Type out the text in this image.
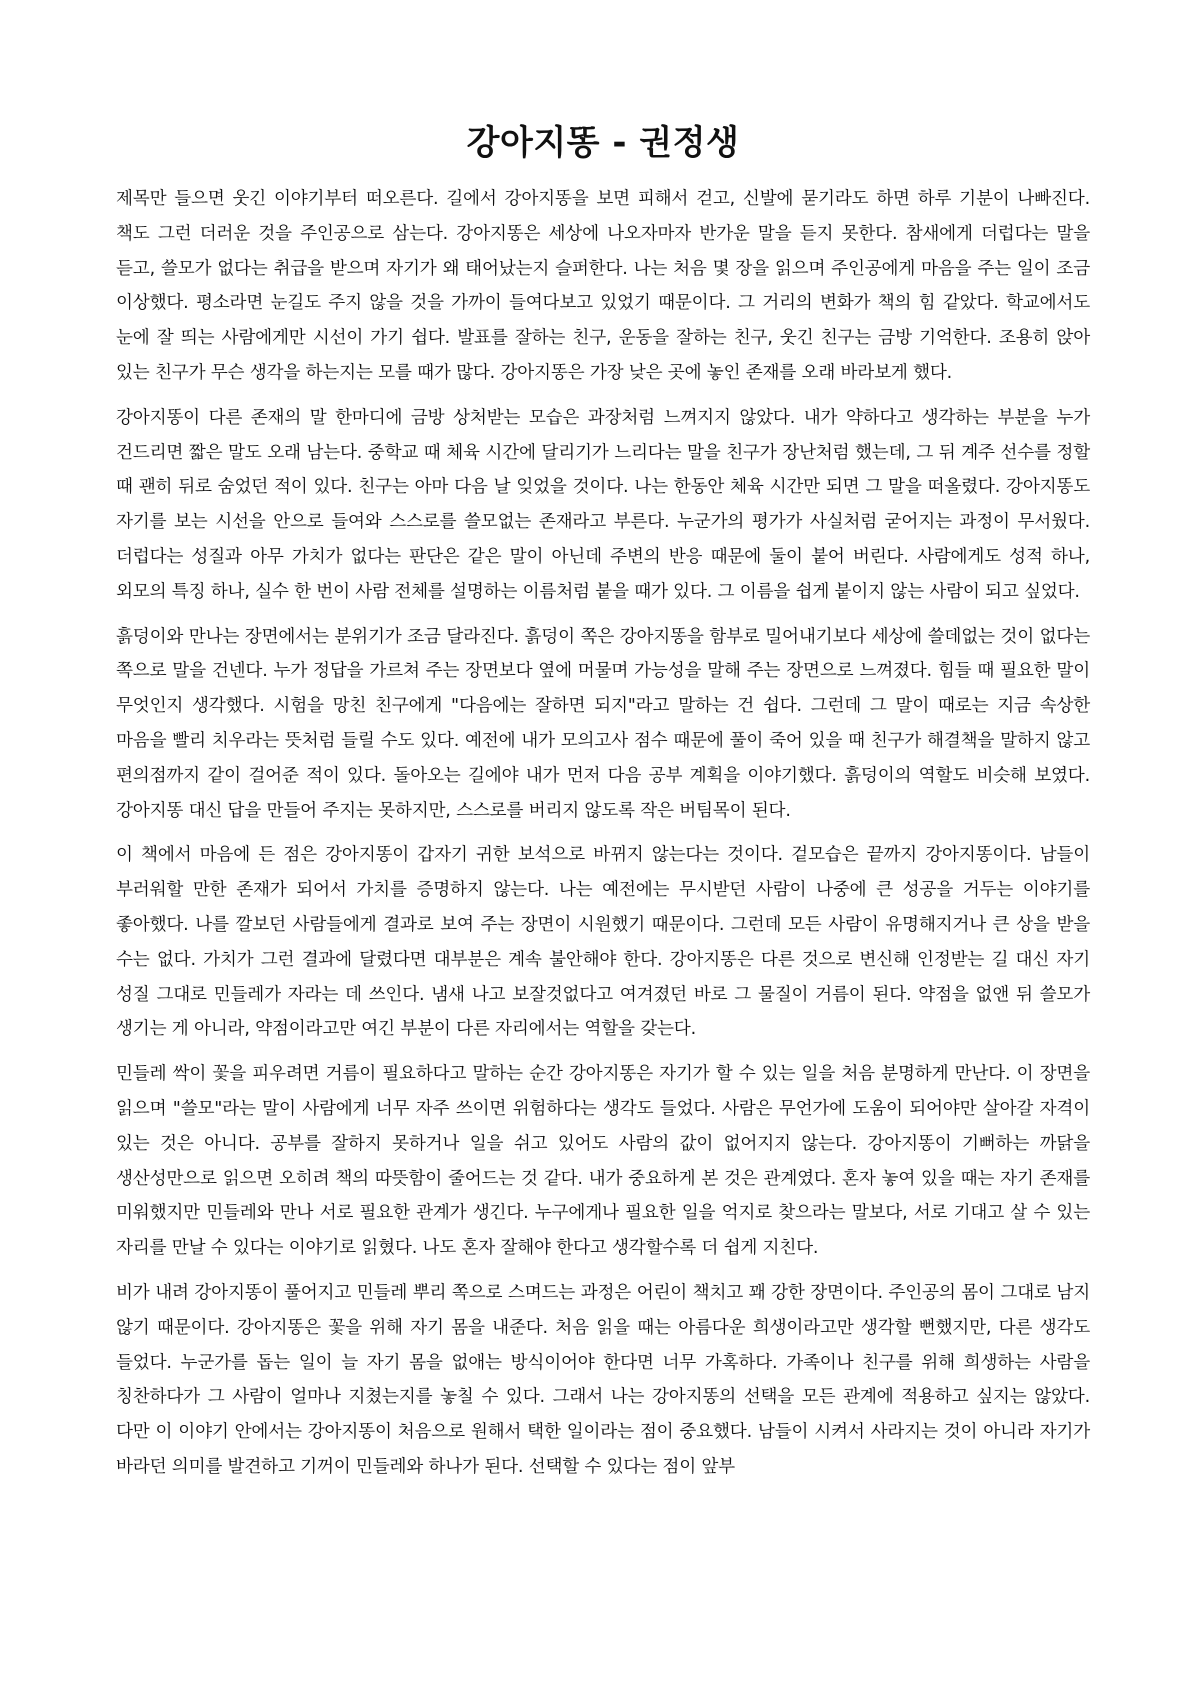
강아지똥 - 권정생

제목만 들으면 웃긴 이야기부터 떠오른다. 길에서 강아지똥을 보면 피해서 걷고, 신발에 묻기라도 하면 하루 기분이 나빠진다. 책도 그런 더러운 것을 주인공으로 삼는다. 강아지똥은 세상에 나오자마자 반가운 말을 듣지 못한다. 참새에게 더럽다는 말을 듣고, 쓸모가 없다는 취급을 받으며 자기가 왜 태어났는지 슬퍼한다. 나는 처음 몇 장을 읽으며 주인공에게 마음을 주는 일이 조금 이상했다. 평소라면 눈길도 주지 않을 것을 가까이 들여다보고 있었기 때문이다. 그 거리의 변화가 책의 힘 같았다. 학교에서도 눈에 잘 띄는 사람에게만 시선이 가기 쉽다. 발표를 잘하는 친구, 운동을 잘하는 친구, 웃긴 친구는 금방 기억한다. 조용히 앉아 있는 친구가 무슨 생각을 하는지는 모를 때가 많다. 강아지똥은 가장 낮은 곳에 놓인 존재를 오래 바라보게 했다.

강아지똥이 다른 존재의 말 한마디에 금방 상처받는 모습은 과장처럼 느껴지지 않았다. 내가 약하다고 생각하는 부분을 누가 건드리면 짧은 말도 오래 남는다. 중학교 때 체육 시간에 달리기가 느리다는 말을 친구가 장난처럼 했는데, 그 뒤 계주 선수를 정할 때 괜히 뒤로 숨었던 적이 있다. 친구는 아마 다음 날 잊었을 것이다. 나는 한동안 체육 시간만 되면 그 말을 떠올렸다. 강아지똥도 자기를 보는 시선을 안으로 들여와 스스로를 쓸모없는 존재라고 부른다. 누군가의 평가가 사실처럼 굳어지는 과정이 무서웠다. 더럽다는 성질과 아무 가치가 없다는 판단은 같은 말이 아닌데 주변의 반응 때문에 둘이 붙어 버린다. 사람에게도 성적 하나, 외모의 특징 하나, 실수 한 번이 사람 전체를 설명하는 이름처럼 붙을 때가 있다. 그 이름을 쉽게 붙이지 않는 사람이 되고 싶었다.

흙덩이와 만나는 장면에서는 분위기가 조금 달라진다. 흙덩이 쪽은 강아지똥을 함부로 밀어내기보다 세상에 쓸데없는 것이 없다는 쪽으로 말을 건넨다. 누가 정답을 가르쳐 주는 장면보다 옆에 머물며 가능성을 말해 주는 장면으로 느껴졌다. 힘들 때 필요한 말이 무엇인지 생각했다. 시험을 망친 친구에게 "다음에는 잘하면 되지"라고 말하는 건 쉽다. 그런데 그 말이 때로는 지금 속상한 마음을 빨리 치우라는 뜻처럼 들릴 수도 있다. 예전에 내가 모의고사 점수 때문에 풀이 죽어 있을 때 친구가 해결책을 말하지 않고 편의점까지 같이 걸어준 적이 있다. 돌아오는 길에야 내가 먼저 다음 공부 계획을 이야기했다. 흙덩이의 역할도 비슷해 보였다. 강아지똥 대신 답을 만들어 주지는 못하지만, 스스로를 버리지 않도록 작은 버팀목이 된다.

이 책에서 마음에 든 점은 강아지똥이 갑자기 귀한 보석으로 바뀌지 않는다는 것이다. 겉모습은 끝까지 강아지똥이다. 남들이 부러워할 만한 존재가 되어서 가치를 증명하지 않는다. 나는 예전에는 무시받던 사람이 나중에 큰 성공을 거두는 이야기를 좋아했다. 나를 깔보던 사람들에게 결과로 보여 주는 장면이 시원했기 때문이다. 그런데 모든 사람이 유명해지거나 큰 상을 받을 수는 없다. 가치가 그런 결과에 달렸다면 대부분은 계속 불안해야 한다. 강아지똥은 다른 것으로 변신해 인정받는 길 대신 자기 성질 그대로 민들레가 자라는 데 쓰인다. 냄새 나고 보잘것없다고 여겨졌던 바로 그 물질이 거름이 된다. 약점을 없앤 뒤 쓸모가 생기는 게 아니라, 약점이라고만 여긴 부분이 다른 자리에서는 역할을 갖는다.

민들레 싹이 꽃을 피우려면 거름이 필요하다고 말하는 순간 강아지똥은 자기가 할 수 있는 일을 처음 분명하게 만난다. 이 장면을 읽으며 "쓸모"라는 말이 사람에게 너무 자주 쓰이면 위험하다는 생각도 들었다. 사람은 무언가에 도움이 되어야만 살아갈 자격이 있는 것은 아니다. 공부를 잘하지 못하거나 일을 쉬고 있어도 사람의 값이 없어지지 않는다. 강아지똥이 기뻐하는 까닭을 생산성만으로 읽으면 오히려 책의 따뜻함이 줄어드는 것 같다. 내가 중요하게 본 것은 관계였다. 혼자 놓여 있을 때는 자기 존재를 미워했지만 민들레와 만나 서로 필요한 관계가 생긴다. 누구에게나 필요한 일을 억지로 찾으라는 말보다, 서로 기대고 살 수 있는 자리를 만날 수 있다는 이야기로 읽혔다. 나도 혼자 잘해야 한다고 생각할수록 더 쉽게 지친다.

비가 내려 강아지똥이 풀어지고 민들레 뿌리 쪽으로 스며드는 과정은 어린이 책치고 꽤 강한 장면이다. 주인공의 몸이 그대로 남지 않기 때문이다. 강아지똥은 꽃을 위해 자기 몸을 내준다. 처음 읽을 때는 아름다운 희생이라고만 생각할 뻔했지만, 다른 생각도 들었다. 누군가를 돕는 일이 늘 자기 몸을 없애는 방식이어야 한다면 너무 가혹하다. 가족이나 친구를 위해 희생하는 사람을 칭찬하다가 그 사람이 얼마나 지쳤는지를 놓칠 수 있다. 그래서 나는 강아지똥의 선택을 모든 관계에 적용하고 싶지는 않았다. 다만 이 이야기 안에서는 강아지똥이 처음으로 원해서 택한 일이라는 점이 중요했다. 남들이 시켜서 사라지는 것이 아니라 자기가 바라던 의미를 발견하고 기꺼이 민들레와 하나가 된다. 선택할 수 있다는 점이 앞부
